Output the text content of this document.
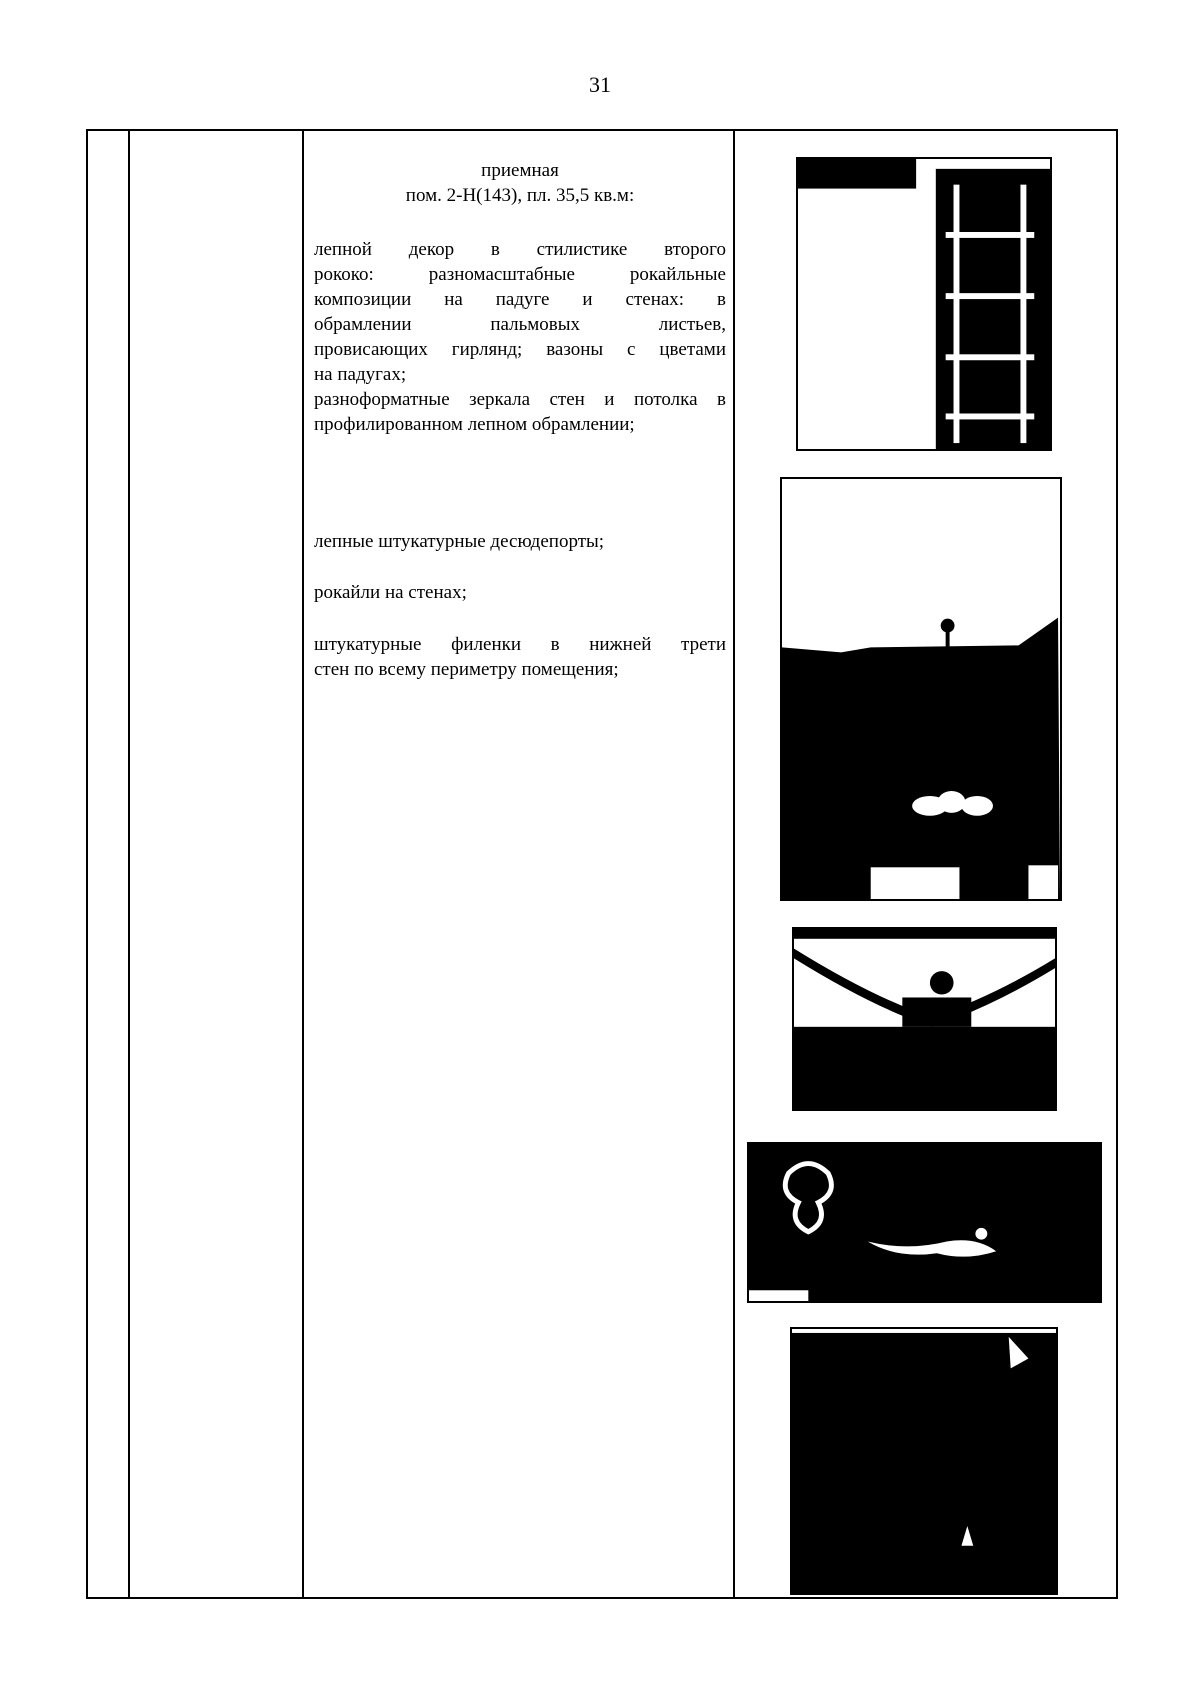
31
приемная
пом. 2-Н(143), пл. 35,5 кв.м:
лепной декор в стилистике второго
рококо: разномасштабные рокайльные
композиции на падуге и стенах: в
обрамлении пальмовых листьев,
провисающих гирлянд; вазоны с цветами
на падугах;
разноформатные зеркала стен и потолка в
профилированном лепном обрамлении;
лепные штукатурные десюдепорты;
рокайли на стенах;
штукатурные филенки в нижней трети
стен по всему периметру помещения;
